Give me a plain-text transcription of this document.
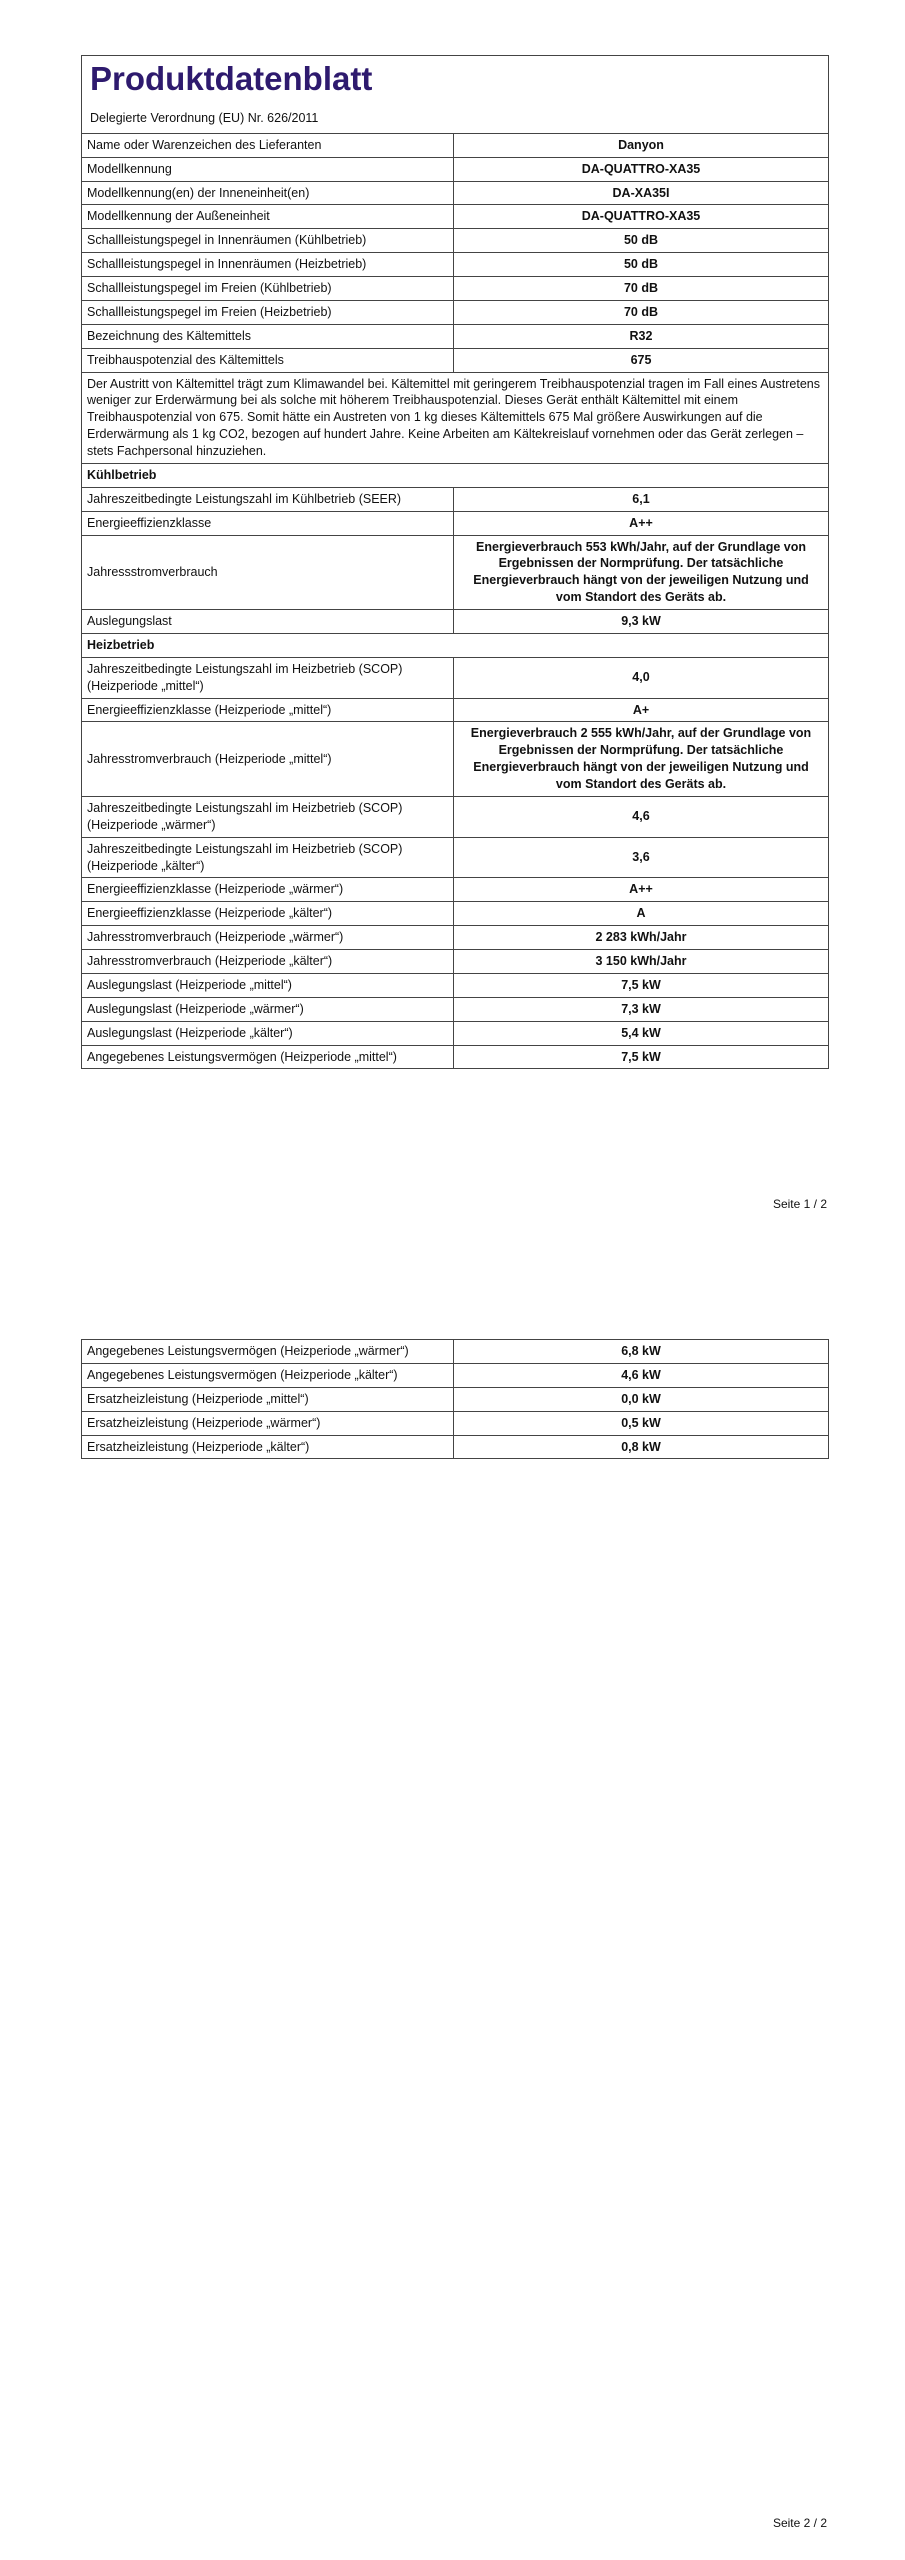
Produktdatenblatt
Delegierte Verordnung (EU) Nr. 626/2011	

Name oder Warenzeichen des Lieferanten	Danyon
Modellkennung	DA-QUATTRO-XA35
Modellkennung(en) der Inneneinheit(en)	DA-XA35I
Modellkennung der Außeneinheit	DA-QUATTRO-XA35
Schallleistungspegel in Innenräumen (Kühlbetrieb)	50 dB
Schallleistungspegel in Innenräumen (Heizbetrieb)	50 dB
Schallleistungspegel im Freien (Kühlbetrieb)	70 dB
Schallleistungspegel im Freien (Heizbetrieb)	70 dB
Bezeichnung des Kältemittels	R32
Treibhauspotenzial des Kältemittels	675
Der Austritt von Kältemittel trägt zum Klimawandel bei. Kältemittel mit geringerem Treibhauspotenzial tragen im Fall eines Austretens weniger zur Erderwärmung bei als solche mit höherem Treibhauspotenzial. Dieses Gerät enthält Kältemittel mit einem Treibhauspotenzial von 675. Somit hätte ein Austreten von 1 kg dieses Kältemittels 675 Mal größere Auswirkungen auf die Erderwärmung als 1 kg CO2, bezogen auf hundert Jahre. Keine Arbeiten am Kältekreislauf vornehmen oder das Gerät zerlegen – stets Fachpersonal hinzuziehen.	
Kühlbetrieb	
Jahreszeitbedingte Leistungszahl im Kühlbetrieb (SEER)	6,1
Energieeffizienzklasse	A++
Jahressstromverbrauch	Energieverbrauch 553 kWh/Jahr, auf der Grundlage von Ergebnissen der Normprüfung. Der tatsächliche Energieverbrauch hängt von der jeweiligen Nutzung und vom Standort des Geräts ab.
Auslegungslast	9,3 kW
Heizbetrieb	
Jahreszeitbedingte Leistungszahl im Heizbetrieb (SCOP) (Heizperiode „mittel“)	4,0
Energieeffizienzklasse (Heizperiode „mittel“)	A+
Jahresstromverbrauch (Heizperiode „mittel“)	Energieverbrauch 2 555 kWh/Jahr, auf der Grundlage von Ergebnissen der Normprüfung. Der tatsächliche Energieverbrauch hängt von der jeweiligen Nutzung und vom Standort des Geräts ab.
Jahreszeitbedingte Leistungszahl im Heizbetrieb (SCOP) (Heizperiode „wärmer“)	4,6
Jahreszeitbedingte Leistungszahl im Heizbetrieb (SCOP) (Heizperiode „kälter“)	3,6
Energieeffizienzklasse (Heizperiode „wärmer“)	A++
Energieeffizienzklasse (Heizperiode „kälter“)	A
Jahresstromverbrauch (Heizperiode „wärmer“)	2 283 kWh/Jahr
Jahresstromverbrauch (Heizperiode „kälter“)	3 150 kWh/Jahr
Auslegungslast (Heizperiode „mittel“)	7,5 kW
Auslegungslast (Heizperiode „wärmer“)	7,3 kW
Auslegungslast (Heizperiode „kälter“)	5,4 kW
Angegebenes Leistungsvermögen (Heizperiode „mittel“)	7,5 kW
Seite 1 / 2
Angegebenes Leistungsvermögen (Heizperiode „wärmer“)	6,8 kW
Angegebenes Leistungsvermögen (Heizperiode „kälter“)	4,6 kW
Ersatzheizleistung (Heizperiode „mittel“)	0,0 kW
Ersatzheizleistung (Heizperiode „wärmer“)	0,5 kW
Ersatzheizleistung (Heizperiode „kälter“)	0,8 kW
Seite 2 / 2
